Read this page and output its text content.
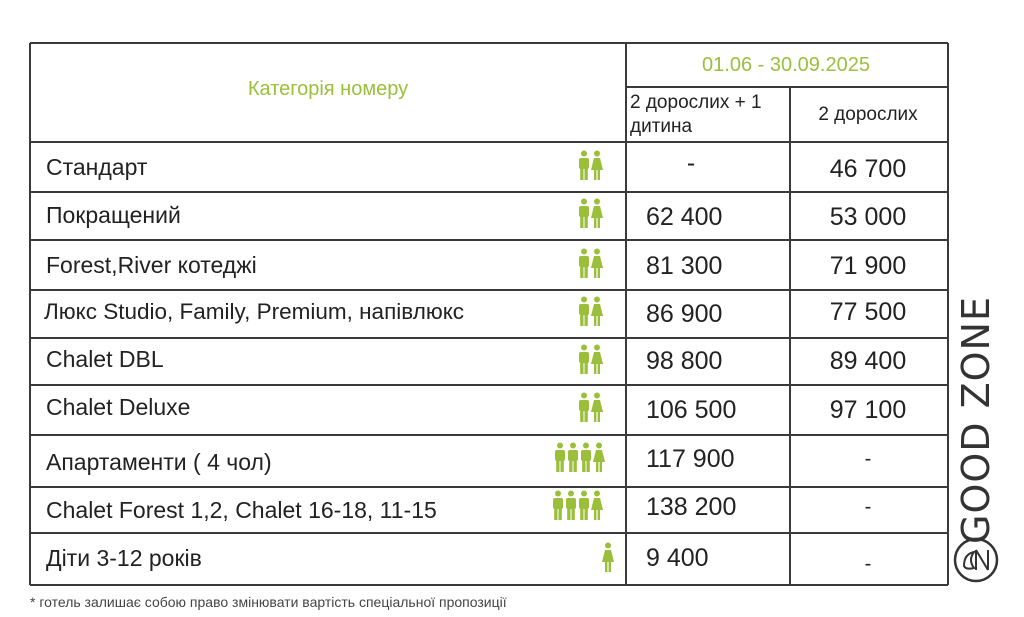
Категорія номеру
01.06 - 30.09.2025
2 дорослих + 1 дитина
2 дорослих
Стандарт	-	46 700
Покращений	62 400	53 000
Forest,River котеджі	81 300	71 900
Люкс Studio, Family, Premium, напівлюкс	86 900	77 500
Chalet DBL	98 800	89 400
Chalet Deluxe	106 500	97 100
Апартаменти ( 4 чол)	117 900	-
Chalet Forest 1,2, Chalet 16-18, 11-15	138 200	-
Діти 3-12 років	9 400	-
* готель залишає собою право змінювати вартість спеціальної пропозиції
GOOD ZONE
